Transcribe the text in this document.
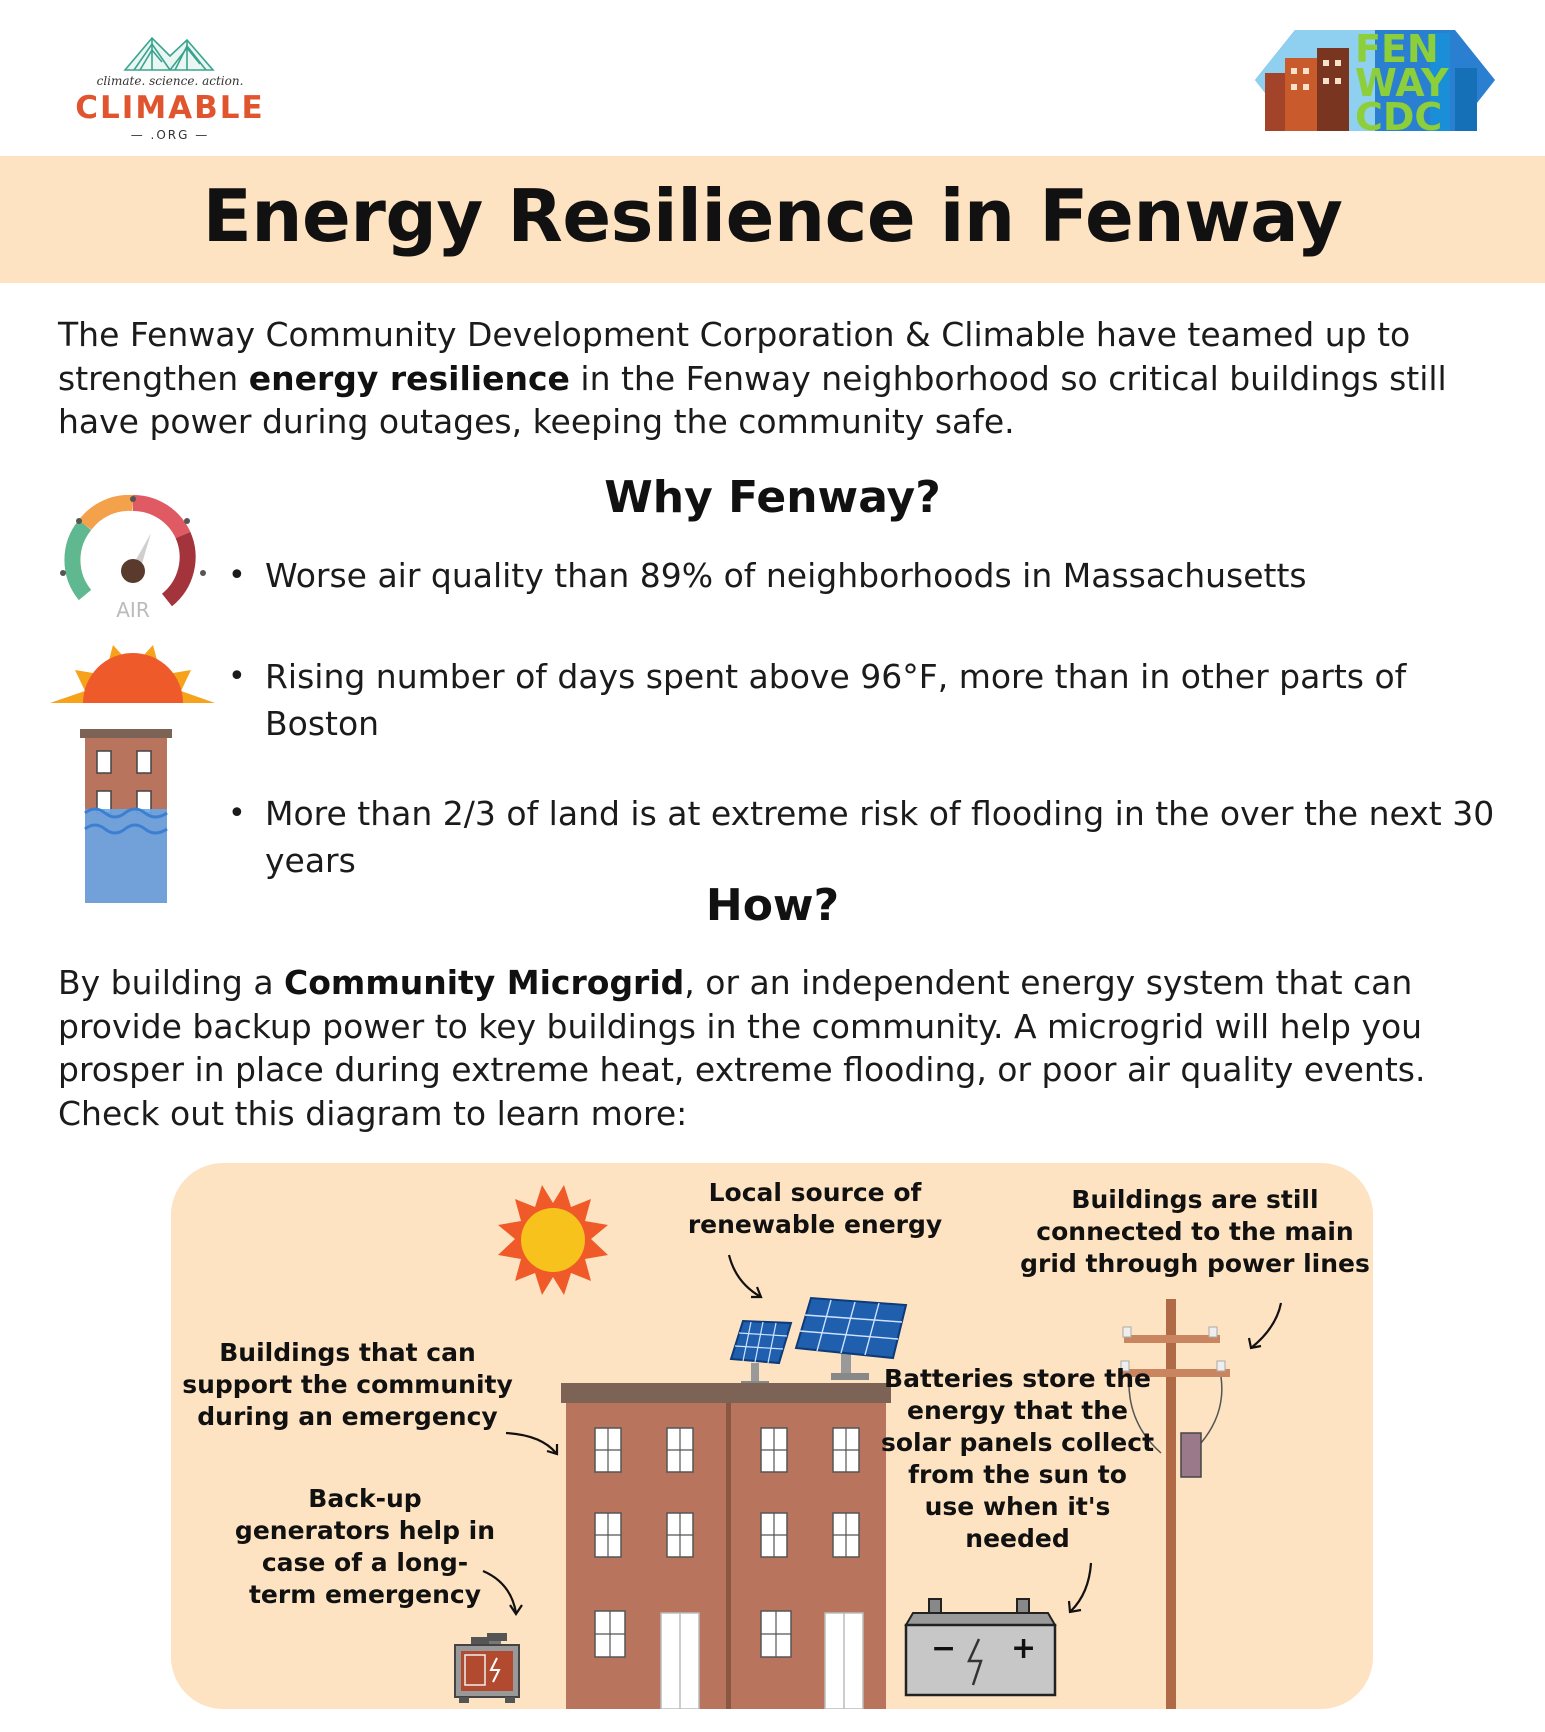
climate. science. action.
CLIMABLE
— .ORG —
FEN
WAY
CDC
Energy Resilience in Fenway
The Fenway Community Development Corporation & Climable have teamed up to strengthen energy resilience in the Fenway neighborhood so critical buildings still have power during outages, keeping the community safe.
Why Fenway?
AIR
• Worse air quality than 89% of neighborhoods in Massachusetts
• Rising number of days spent above 96°F, more than in other parts of Boston
• More than 2/3 of land is at extreme risk of flooding in the over the next 30 years
How?
By building a Community Microgrid, or an independent energy system that can provide backup power to key buildings in the community. A microgrid will help you prosper in place during extreme heat, extreme flooding, or poor air quality events. Check out this diagram to learn more:
− +
Local source of renewable energy
Buildings are still connected to the main grid through power lines
Buildings that can support the community during an emergency
Back-up generators help in case of a long-term emergency
Batteries store the energy that the solar panels collect from the sun to use when it's needed
